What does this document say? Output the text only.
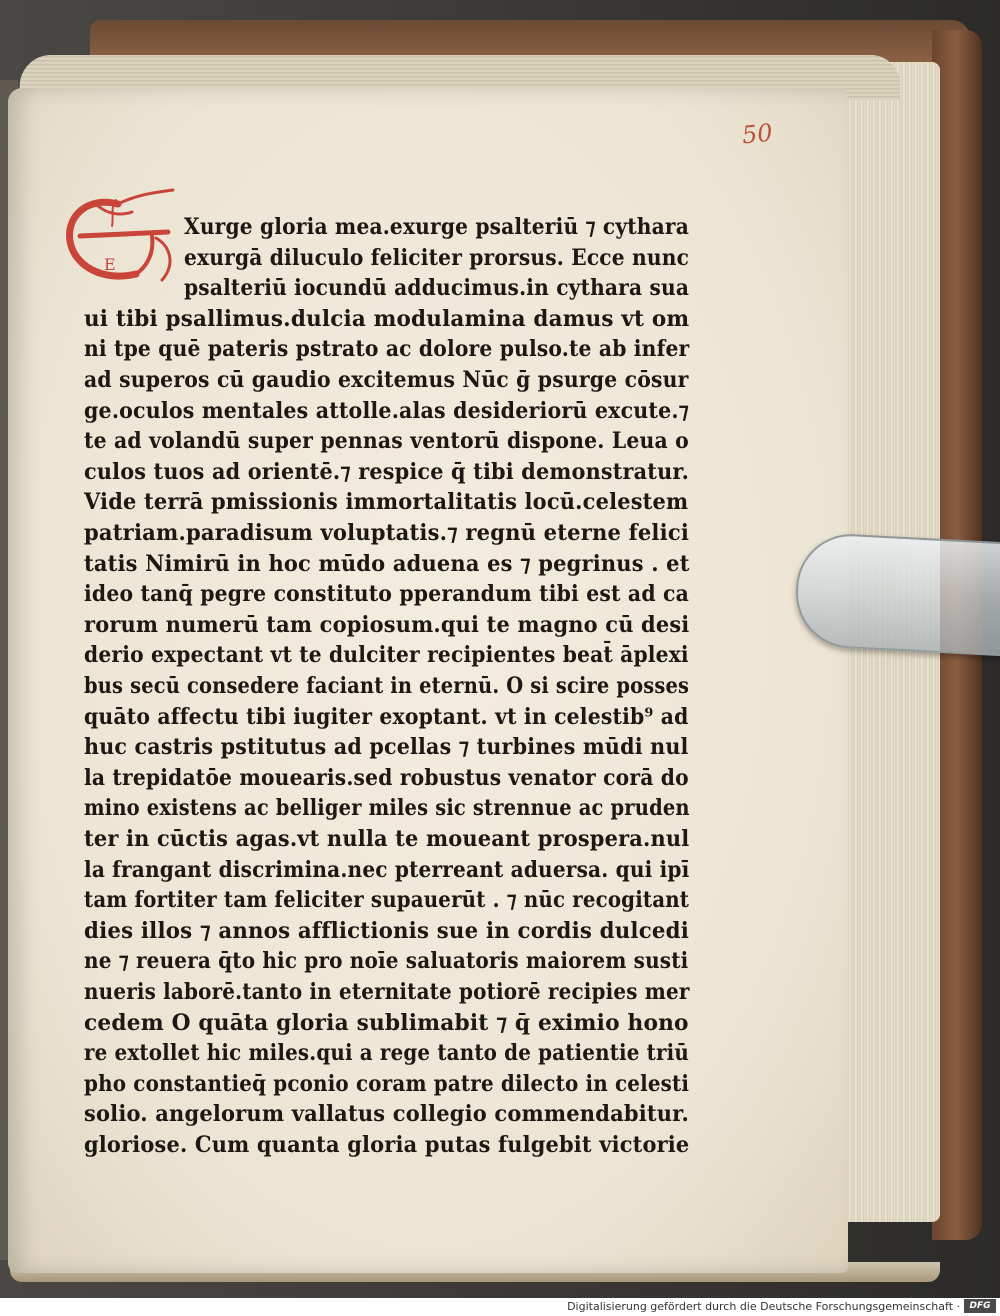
50
E
Xurge gloria mea.exurge psalteriū ⁊ cythara
exurgā diluculo feliciter prorsus. Ecce nunc
psalteriū iocundū adducimus.in cythara sua
ui tibi psallimus.dulcia modulamina damus vt om
ni tpe quē pateris pstrato ac dolore pulso.te ab infer
ad superos cū gaudio excitemus Nūc ḡ psurge cōsur
ge.oculos mentales attolle.alas desideriorū excute.⁊
te ad volandū super pennas ventorū dispone. Leua o
culos tuos ad orientē.⁊ respice q̄ tibi demonstratur.
Vide terrā pmissionis immortalitatis locū.celestem
patriam.paradisum voluptatis.⁊ regnū eterne felici
tatis Nimirū in hoc mūdo aduena es ⁊ pegrinus . et
ideo tanq̄ pegre constituto pperandum tibi est ad ca
rorum numerū tam copiosum.qui te magno cū desi
derio expectant vt te dulciter recipientes beat̄ āplexi
bus secū consedere faciant in eternū. O si scire posses
quāto affectu tibi iugiter exoptant. vt in celestib⁹ ad
huc castris pstitutus ad pcellas ⁊ turbines mūdi nul
la trepidatōe mouearis.sed robustus venator corā do
mino existens ac belliger miles sic strennue ac pruden
ter in cūctis agas.vt nulla te moueant prospera.nul
la frangant discrimina.nec pterreant aduersa. qui ipī
tam fortiter tam feliciter supauerūt . ⁊ nūc recogitant
dies illos ⁊ annos afflictionis sue in cordis dulcedi
ne ⁊ reuera q̄to hic pro noīe saluatoris maiorem susti
nueris laborē.tanto in eternitate potiorē recipies mer
cedem O quāta gloria sublimabit ⁊ q̄ eximio hono
re extollet hic miles.qui a rege tanto de patientie triū
pho constantieq̄ pconio coram patre dilecto in celesti
solio. angelorum vallatus collegio commendabitur.
gloriose. Cum quanta gloria putas fulgebit victorie
Digitalisierung gefördert durch die Deutsche Forschungsgemeinschaft ·	DFG
